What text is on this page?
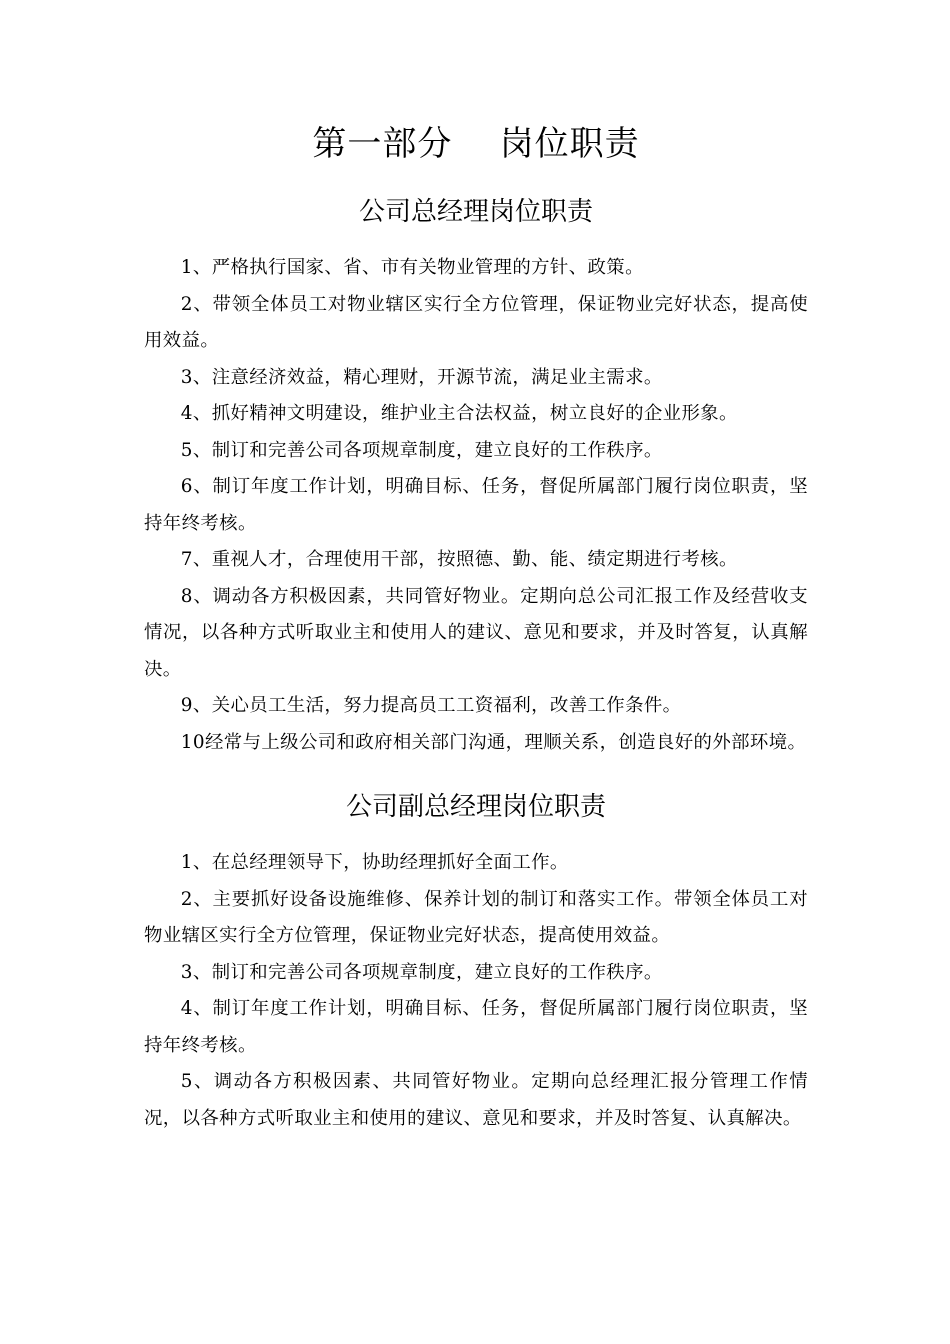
第一部分    岗位职责
公司总经理岗位职责

1、严格执行国家、省、市有关物业管理的方针、政策。

2、带领全体员工对物业辖区实行全方位管理，保证物业完好状态，提高使用效益。

3、注意经济效益，精心理财，开源节流，满足业主需求。

4、抓好精神文明建设，维护业主合法权益，树立良好的企业形象。

5、制订和完善公司各项规章制度，建立良好的工作秩序。

6、制订年度工作计划，明确目标、任务，督促所属部门履行岗位职责，坚持年终考核。

7、重视人才，合理使用干部，按照德、勤、能、绩定期进行考核。

8、调动各方积极因素，共同管好物业。定期向总公司汇报工作及经营收支情况，以各种方式听取业主和使用人的建议、意见和要求，并及时答复，认真解决。

9、关心员工生活，努力提高员工工资福利，改善工作条件。

10经常与上级公司和政府相关部门沟通，理顺关系，创造良好的外部环境。

公司副总经理岗位职责

1、在总经理领导下，协助经理抓好全面工作。

2、主要抓好设备设施维修、保养计划的制订和落实工作。带领全体员工对物业辖区实行全方位管理，保证物业完好状态，提高使用效益。

3、制订和完善公司各项规章制度，建立良好的工作秩序。

4、制订年度工作计划，明确目标、任务，督促所属部门履行岗位职责，坚持年终考核。

5、调动各方积极因素、共同管好物业。定期向总经理汇报分管理工作情况，以各种方式听取业主和使用的建议、意见和要求，并及时答复、认真解决。
